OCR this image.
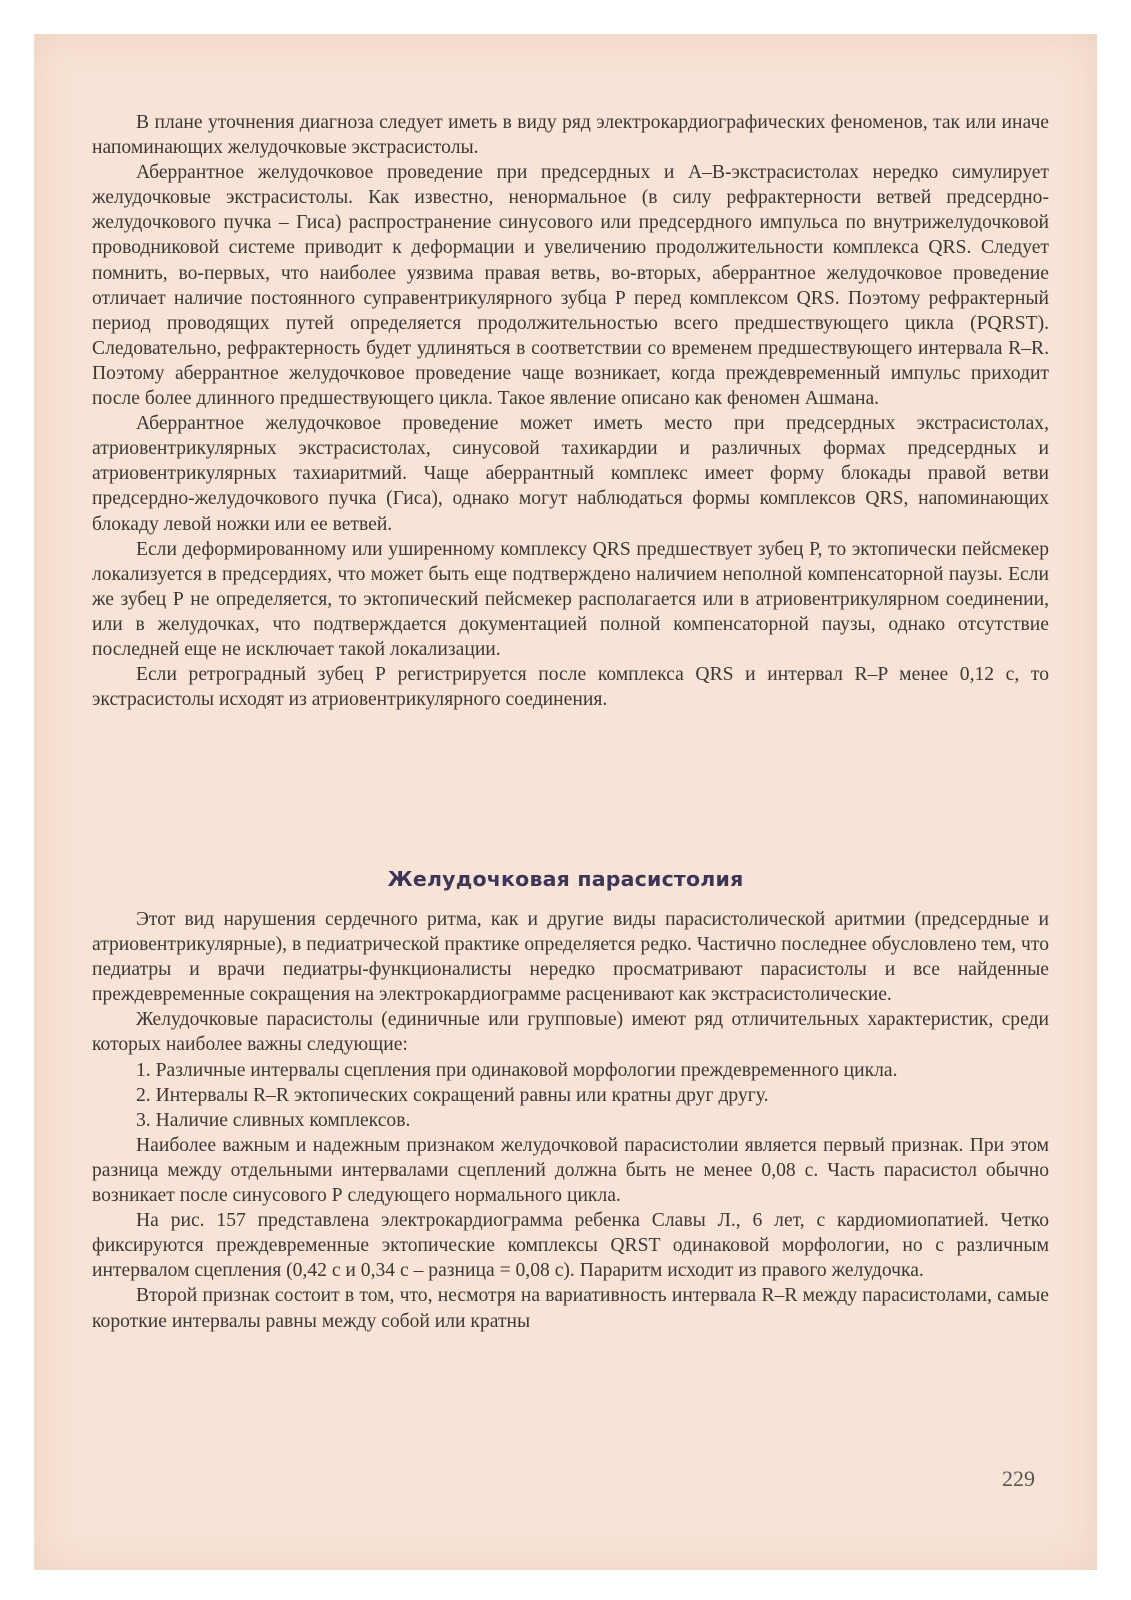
В плане уточнения диагноза следует иметь в виду ряд электрокардиографических феноменов, так или иначе напоминающих желудочковые экстрасистолы.

Аберрантное желудочковое проведение при предсердных и А–В-экстрасистолах нередко симулирует желудочковые экстрасистолы. Как известно, ненормальное (в силу рефрактерности ветвей предсердно-желудочкового пучка – Гиса) распространение синусового или предсердного импульса по внутрижелудочковой проводниковой системе приводит к деформации и увеличению продолжительности комплекса QRS. Следует помнить, во-первых, что наиболее уязвима правая ветвь, во-вторых, аберрантное желудочковое проведение отличает наличие постоянного суправентрикулярного зубца Р перед комплексом QRS. Поэтому рефрактерный период проводящих путей определяется продолжительностью всего предшествующего цикла (PQRST). Следовательно, рефрактерность будет удлиняться в соответствии со временем предшествующего интервала R–R. Поэтому аберрантное желудочковое проведение чаще возникает, когда преждевременный импульс приходит после более длинного предшествующего цикла. Такое явление описано как феномен Ашмана.

Аберрантное желудочковое проведение может иметь место при предсердных экстрасистолах, атриовентрикулярных экстрасистолах, синусовой тахикардии и различных формах предсердных и атриовентрикулярных тахиаритмий. Чаще аберрантный комплекс имеет форму блокады правой ветви предсердно-желудочкового пучка (Гиса), однако могут наблюдаться формы комплексов QRS, напоминающих блокаду левой ножки или ее ветвей.

Если деформированному или уширенному комплексу QRS предшествует зубец Р, то эктопически пейсмекер локализуется в предсердиях, что может быть еще подтверждено наличием неполной компенсаторной паузы. Если же зубец Р не определяется, то эктопический пейсмекер располагается или в атриовентрикулярном соединении, или в желудочках, что подтверждается документацией полной компенсаторной паузы, однако отсутствие последней еще не исключает такой локализации.

Если ретроградный зубец Р регистрируется после комплекса QRS и интервал R–P менее 0,12 с, то экстрасистолы исходят из атриовентрикулярного соединения.

Желудочковая парасистолия

Этот вид нарушения сердечного ритма, как и другие виды парасистолической аритмии (предсердные и атриовентрикулярные), в педиатрической практике определяется редко. Частично последнее обусловлено тем, что педиатры и врачи педиатры-функционалисты нередко просматривают парасистолы и все найденные преждевременные сокращения на электрокардиограмме расценивают как экстрасистолические.

Желудочковые парасистолы (единичные или групповые) имеют ряд отличительных характеристик, среди которых наиболее важны следующие:

1. Различные интервалы сцепления при одинаковой морфологии преждевременного цикла.

2. Интервалы R–R эктопических сокращений равны или кратны друг другу.

3. Наличие сливных комплексов.

Наиболее важным и надежным признаком желудочковой парасистолии является первый признак. При этом разница между отдельными интервалами сцеплений должна быть не менее 0,08 с. Часть парасистол обычно возникает после синусового Р следующего нормального цикла.

На рис. 157 представлена электрокардиограмма ребенка Славы Л., 6 лет, с кардиомиопатией. Четко фиксируются преждевременные эктопические комплексы QRST одинаковой морфологии, но с различным интервалом сцепления (0,42 с и 0,34 с – разница = 0,08 с). Параритм исходит из правого желудочка.

Второй признак состоит в том, что, несмотря на вариативность интервала R–R между парасистолами, самые короткие интервалы равны между собой или кратны

229
